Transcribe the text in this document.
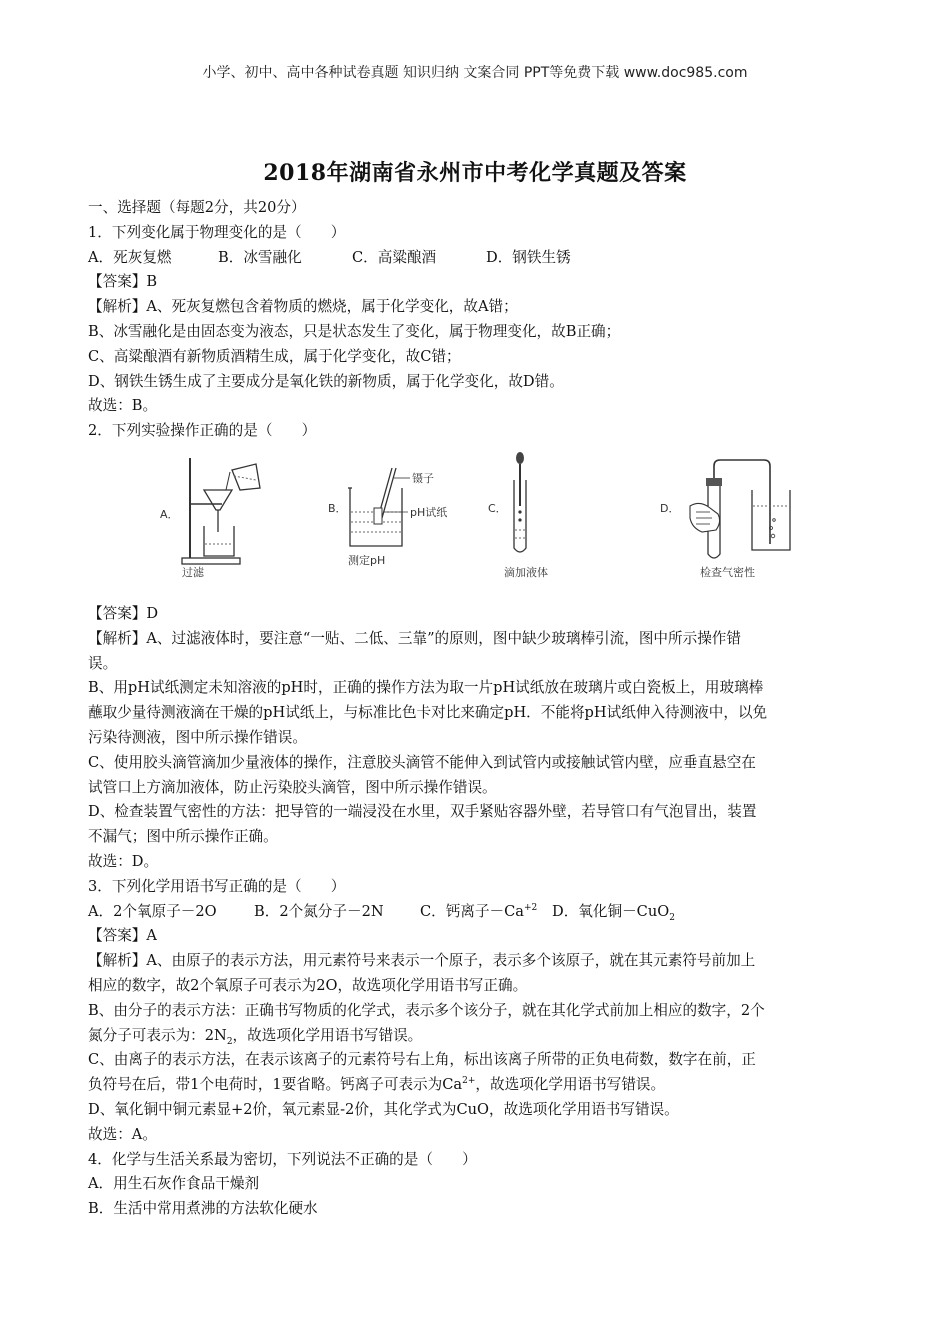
小学、初中、高中各种试卷真题 知识归纳 文案合同 PPT等免费下载 www.doc985.com
2018年湖南省永州市中考化学真题及答案

一、选择题（每题2分，共20分）

1．下列变化属于物理变化的是（　　）

A．死灰复燃	B．冰雪融化	C．高粱酿酒	D．钢铁生锈

【答案】B

【解析】A、死灰复燃包含着物质的燃烧，属于化学变化，故A错；

B、冰雪融化是由固态变为液态，只是状态发生了变化，属于物理变化，故B正确；

C、高粱酿酒有新物质酒精生成，属于化学变化，故C错；

D、钢铁生锈生成了主要成分是氧化铁的新物质，属于化学变化，故D错。

故选：B。

2．下列实验操作正确的是（　　）

A．
过滤
B．
镊子
pH试纸
测定pH
C．
滴加液体
D．
检查气密性

【答案】D

【解析】A、过滤液体时，要注意“一贴、二低、三靠”的原则，图中缺少玻璃棒引流，图中所示操作错

误。

B、用pH试纸测定未知溶液的pH时，正确的操作方法为取一片pH试纸放在玻璃片或白瓷板上，用玻璃棒

蘸取少量待测液滴在干燥的pH试纸上，与标准比色卡对比来确定pH．不能将pH试纸伸入待测液中，以免

污染待测液，图中所示操作错误。

C、使用胶头滴管滴加少量液体的操作，注意胶头滴管不能伸入到试管内或接触试管内壁，应垂直悬空在

试管口上方滴加液体，防止污染胶头滴管，图中所示操作错误。

D、检查装置气密性的方法：把导管的一端浸没在水里，双手紧贴容器外壁，若导管口有气泡冒出，装置

不漏气；图中所示操作正确。

故选：D。

3．下列化学用语书写正确的是（　　）

A．2个氧原子－2O	B．2个氮分子－2N C．钙离子$-Ca^{+2}$ D．氧化铜－CuO$_2$

【答案】A

【解析】A、由原子的表示方法，用元素符号来表示一个原子，表示多个该原子，就在其元素符号前加上

相应的数字，故2个氧原子可表示为2O，故选项化学用语书写正确。

B、由分子的表示方法：正确书写物质的化学式，表示多个该分子，就在其化学式前加上相应的数字，2个

氮分子可表示为：$2N_2$，故选项化学用语书写错误。

C、由离子的表示方法，在表示该离子的元素符号右上角，标出该离子所带的正负电荷数，数字在前，正

负符号在后，带1个电荷时，1要省略。钙离子可表示为$Ca^{2+}$，故选项化学用语书写错误。

D、氧化铜中铜元素显+2价，氧元素显-2价，其化学式为CuO，故选项化学用语书写错误。

故选：A。

4．化学与生活关系最为密切，下列说法不正确的是（　　）

A．用生石灰作食品干燥剂

B．生活中常用煮沸的方法软化硬水
